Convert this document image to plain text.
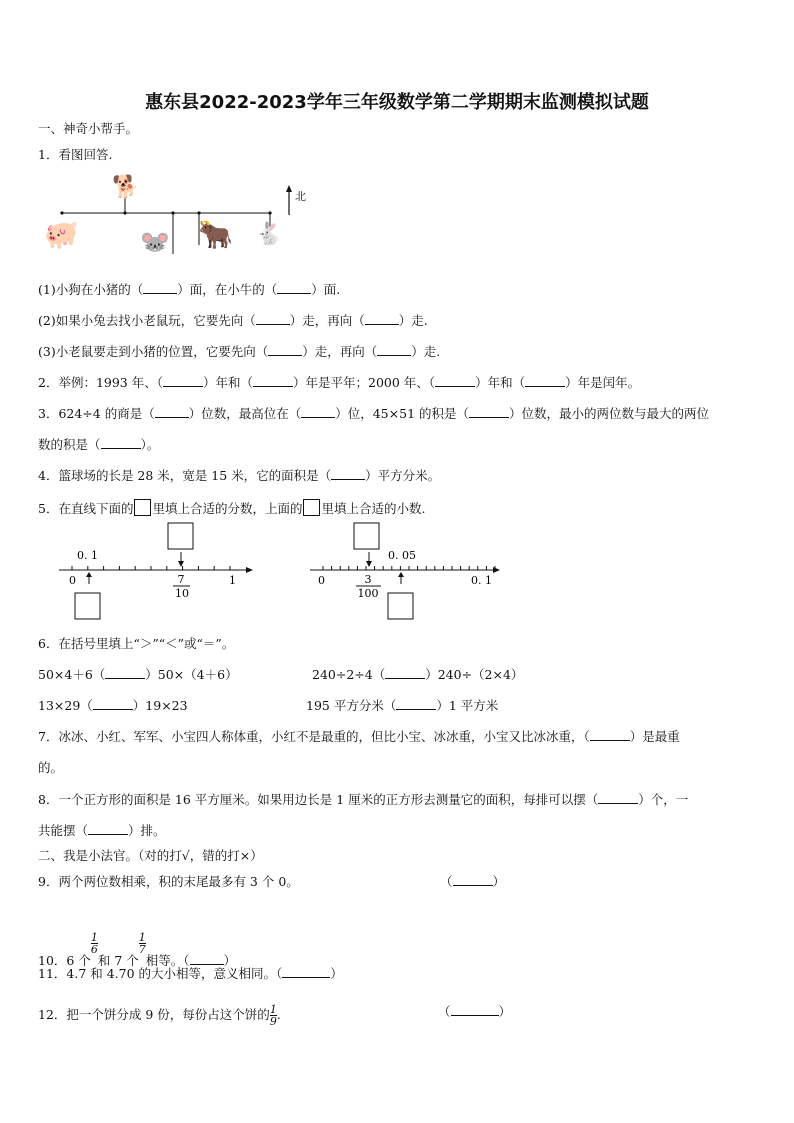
惠东县2022-2023学年三年级数学第二学期期末监测模拟试题
一、神奇小帮手。
1．看图回答.
🐕
🐖	🐭 🐂 🐇
北
(1)小狗在小猪的（	）面，在小牛的（	）面.
(2)如果小兔去找小老鼠玩，它要先向（	）走，再向（	）走.
(3)小老鼠要走到小猪的位置，它要先向（	）走，再向（	）走.
2．举例：1993 年、（	）年和（	）年是平年；2000 年、（	）年和（	）年是闰年。
3．624÷4 的商是（	）位数，最高位在（	）位，45×51 的积是（	）位数，最小的两位数与最大的两位
数的积是（	）。
4．篮球场的长是 28 米，宽是 15 米，它的面积是（	）平方分米。
5．在直线下面的 里填上合适的分数，上面的 里填上合适的小数.
0. 1
0	7
10
1
0. 05
0	3
100
0. 1
6．在括号里填上“＞”“＜”或“＝”。
50×4＋6（	）50×（4＋6）	240÷2÷4（	）240÷（2×4）
13×29（	）19×23	195 平方分米（	）1 平方米
7．冰冰、小红、军军、小宝四人称体重，小红不是最重的，但比小宝、冰冰重，小宝又比冰冰重，（	）是最重
的。
8．一个正方形的面积是 16 平方厘米。如果用边长是 1 厘米的正方形去测量它的面积，每排可以摆（	）个，一
共能摆（	）排。
二、我是小法官。（对的打√，错的打×）
9．两个两位数相乘，积的末尾最多有 3 个 0。	（	）
10．6 个
$\frac{1}{6}$
和 7 个
$\frac{1}{7}$
相等。（	）
11．4.7 和 4.70 的大小相等，意义相同。（	）
12．把一个饼分成 9 份，每份占这个饼的 $\frac{1}{9}$ .	（	）
